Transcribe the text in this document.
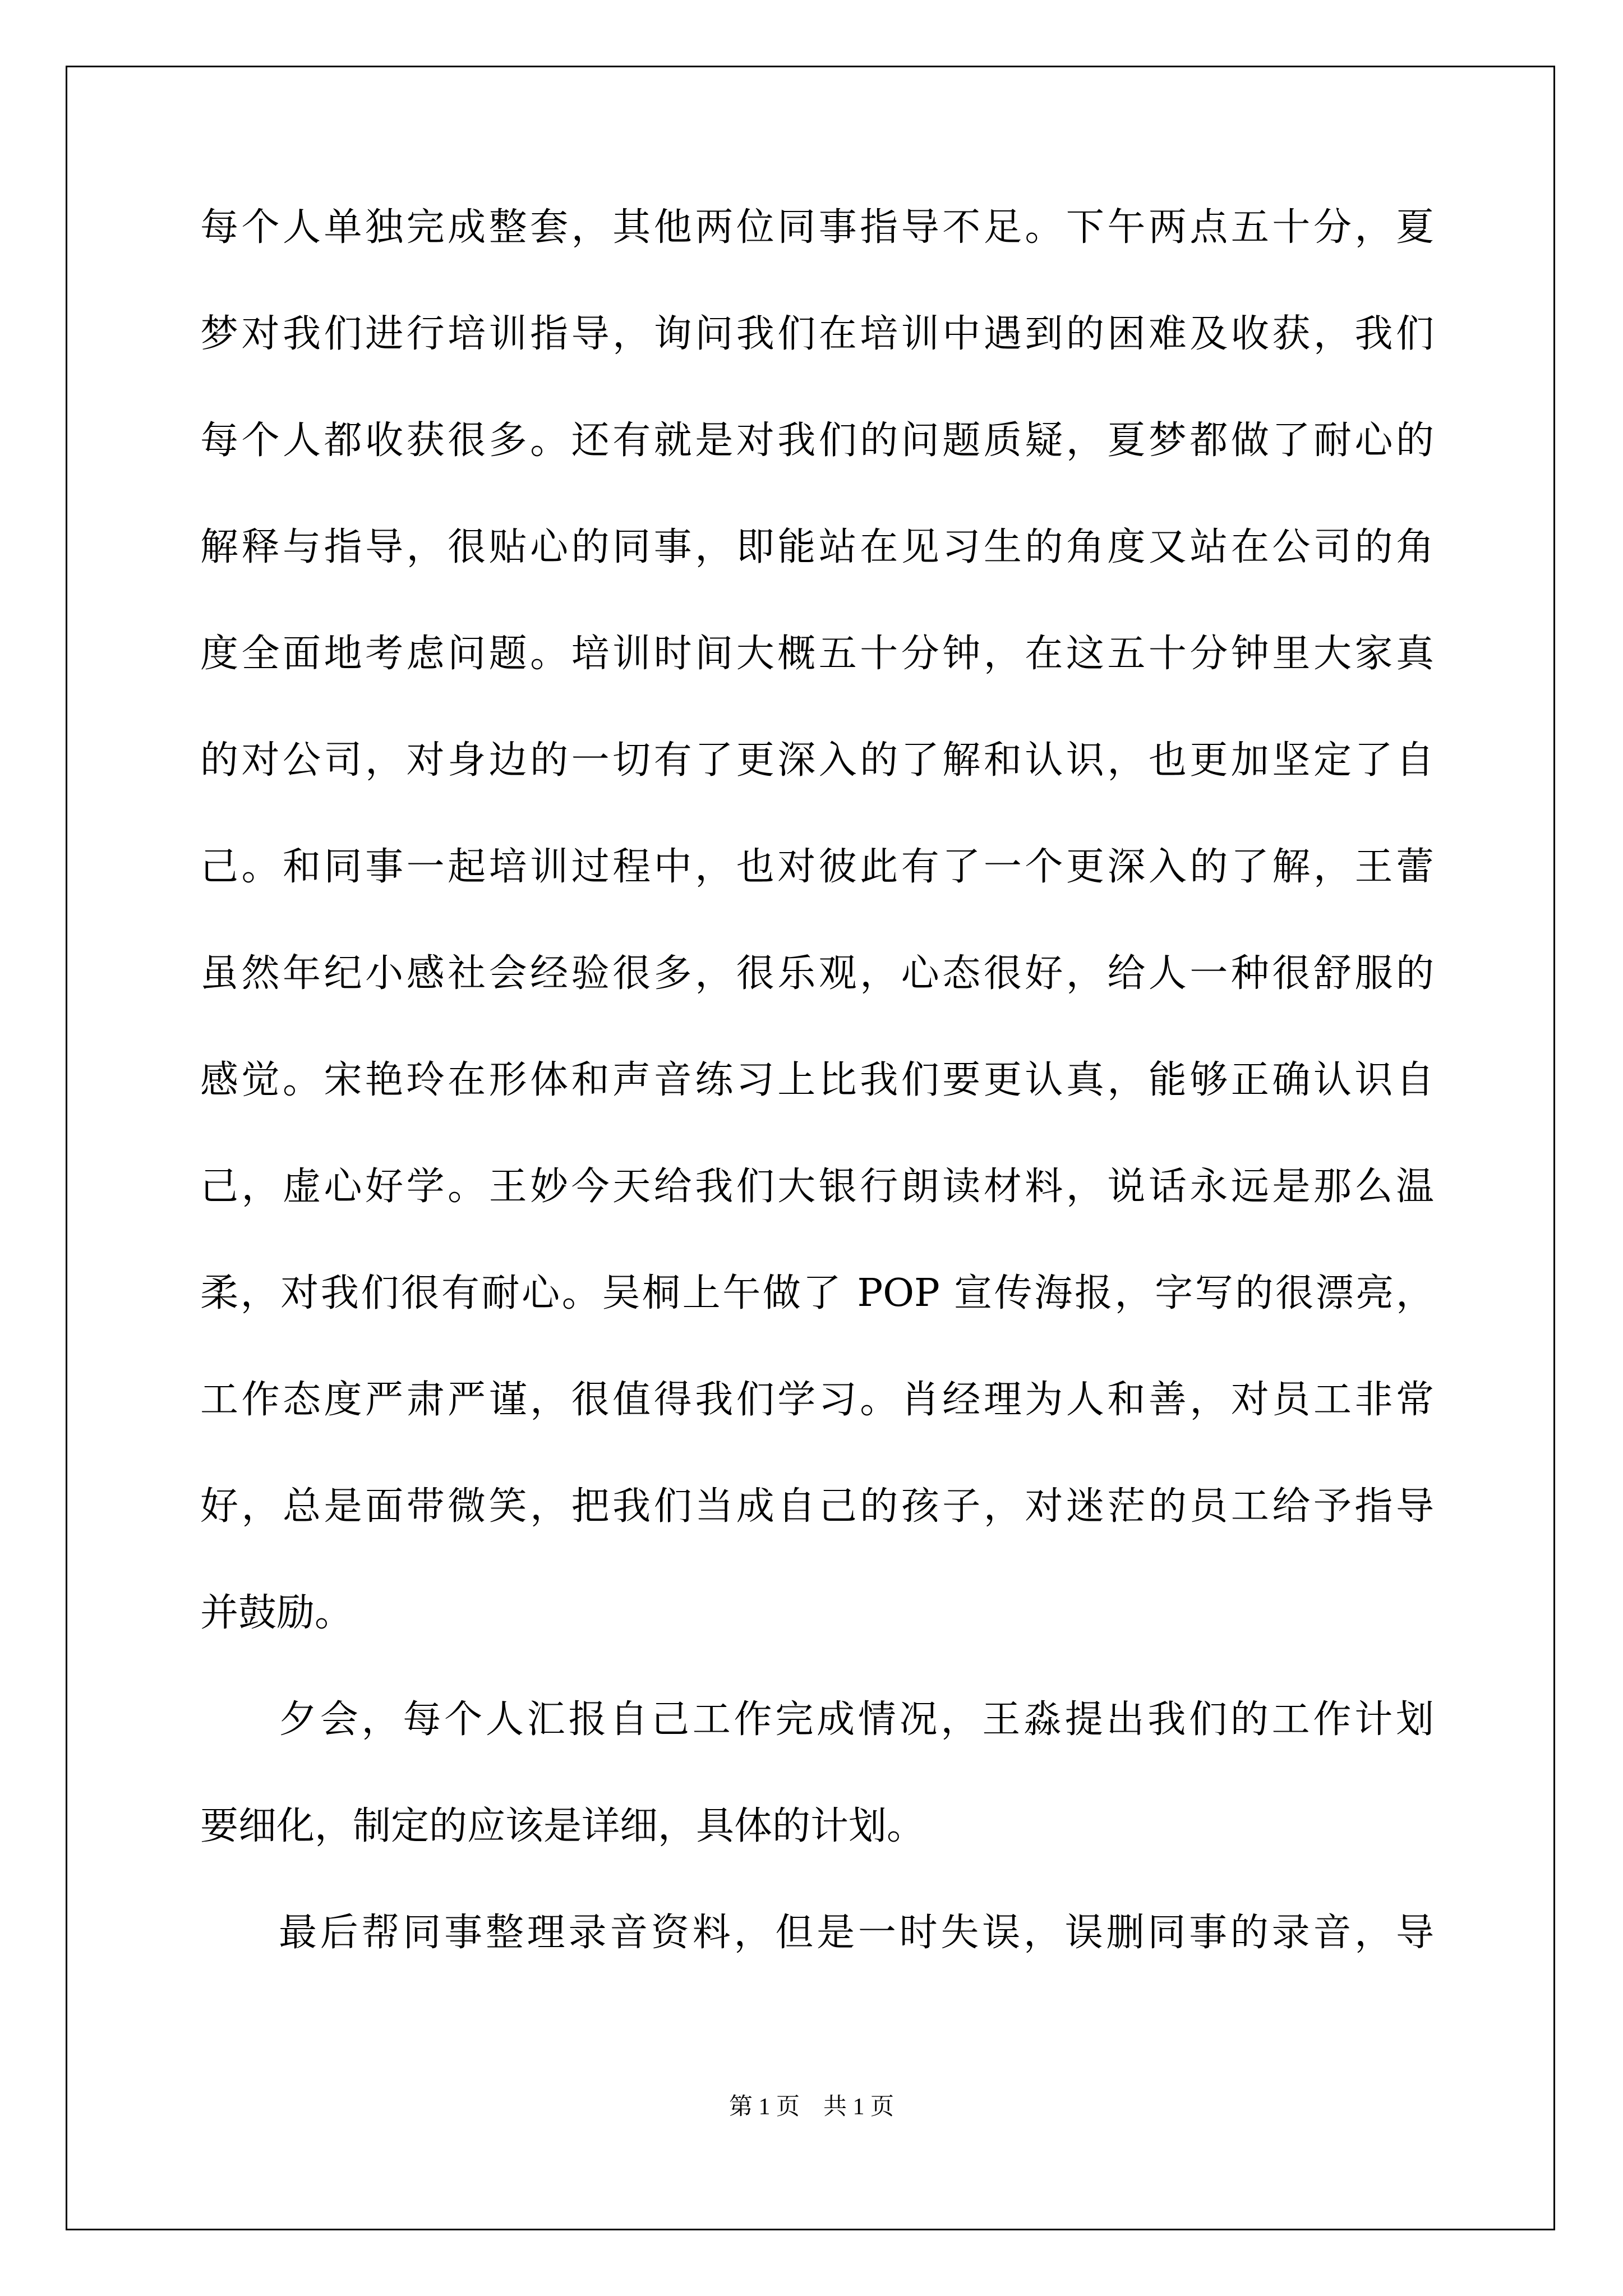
每个人单独完成整套，其他两位同事指导不足。下午两点五十分，夏
梦对我们进行培训指导，询问我们在培训中遇到的困难及收获，我们
每个人都收获很多。还有就是对我们的问题质疑，夏梦都做了耐心的
解释与指导，很贴心的同事，即能站在见习生的角度又站在公司的角
度全面地考虑问题。培训时间大概五十分钟，在这五十分钟里大家真
的对公司，对身边的一切有了更深入的了解和认识，也更加坚定了自
己。和同事一起培训过程中，也对彼此有了一个更深入的了解，王蕾
虽然年纪小感社会经验很多，很乐观，心态很好，给人一种很舒服的
感觉。宋艳玲在形体和声音练习上比我们要更认真，能够正确认识自
己，虚心好学。王妙今天给我们大银行朗读材料，说话永远是那么温
柔，对我们很有耐心。吴桐上午做了 POP 宣传海报，字写的很漂亮，
工作态度严肃严谨，很值得我们学习。肖经理为人和善，对员工非常
好，总是面带微笑，把我们当成自己的孩子，对迷茫的员工给予指导
并鼓励。
夕会，每个人汇报自己工作完成情况，王淼提出我们的工作计划
要细化，制定的应该是详细，具体的计划。
最后帮同事整理录音资料，但是一时失误，误删同事的录音，导
第 1 页    共 1 页
